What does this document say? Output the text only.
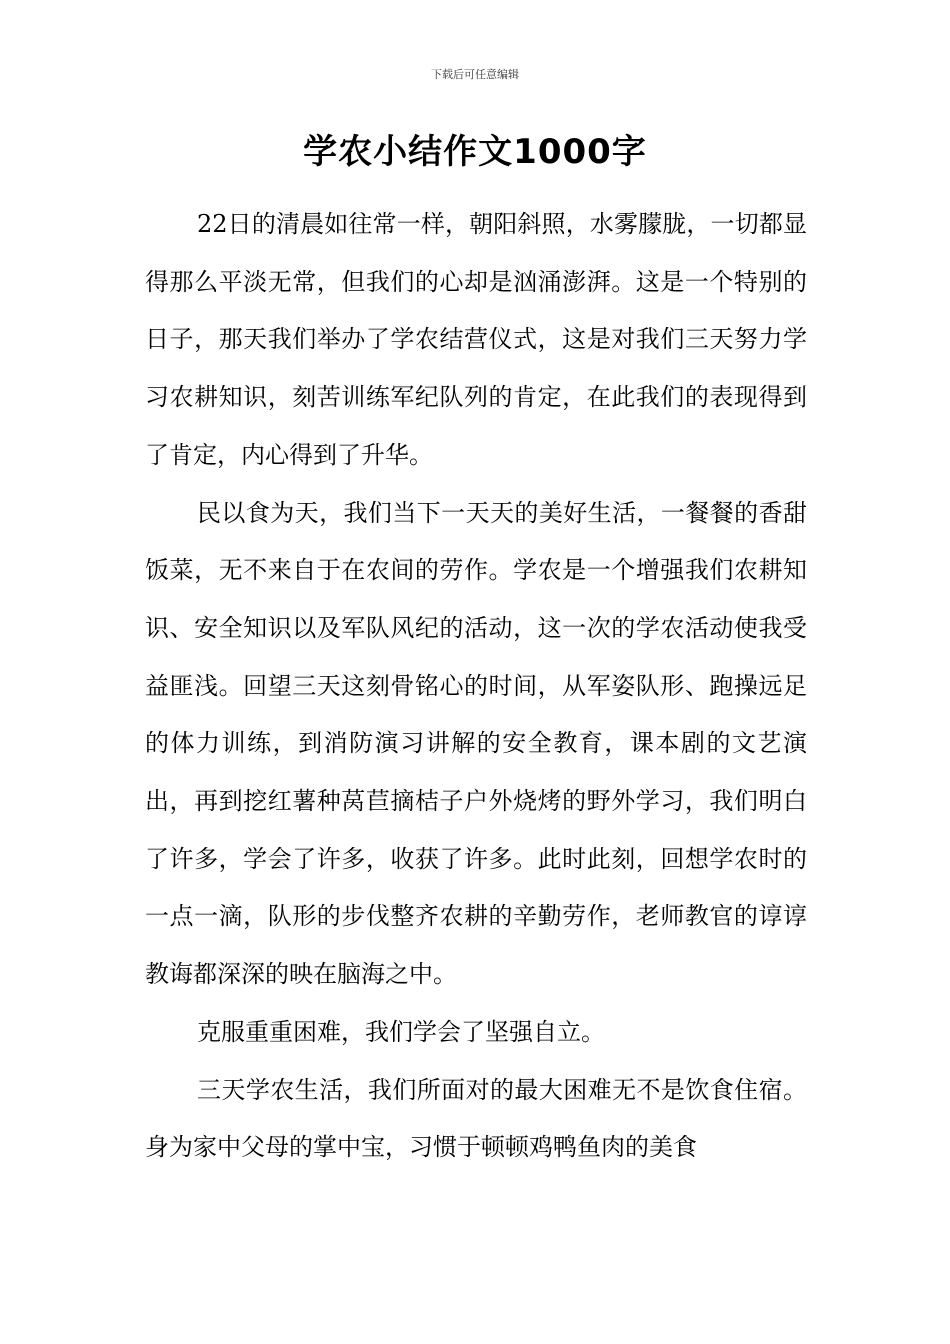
下载后可任意编辑
学农小结作文1000字

22日的清晨如往常一样，朝阳斜照，水雾朦胧，一切都显得那么平淡无常，但我们的心却是汹涌澎湃。这是一个特别的日子，那天我们举办了学农结营仪式，这是对我们三天努力学习农耕知识，刻苦训练军纪队列的肯定，在此我们的表现得到了肯定，内心得到了升华。

民以食为天，我们当下一天天的美好生活，一餐餐的香甜饭菜，无不来自于在农间的劳作。学农是一个增强我们农耕知识、安全知识以及军队风纪的活动，这一次的学农活动使我受益匪浅。回望三天这刻骨铭心的时间，从军姿队形、跑操远足的体力训练，到消防演习讲解的安全教育，课本剧的文艺演出，再到挖红薯种莴苣摘桔子户外烧烤的野外学习，我们明白了许多，学会了许多，收获了许多。此时此刻，回想学农时的一点一滴，队形的步伐整齐农耕的辛勤劳作，老师教官的谆谆教诲都深深的映在脑海之中。

克服重重困难，我们学会了坚强自立。

三天学农生活，我们所面对的最大困难无不是饮食住宿。身为家中父母的掌中宝，习惯于顿顿鸡鸭鱼肉的美食
